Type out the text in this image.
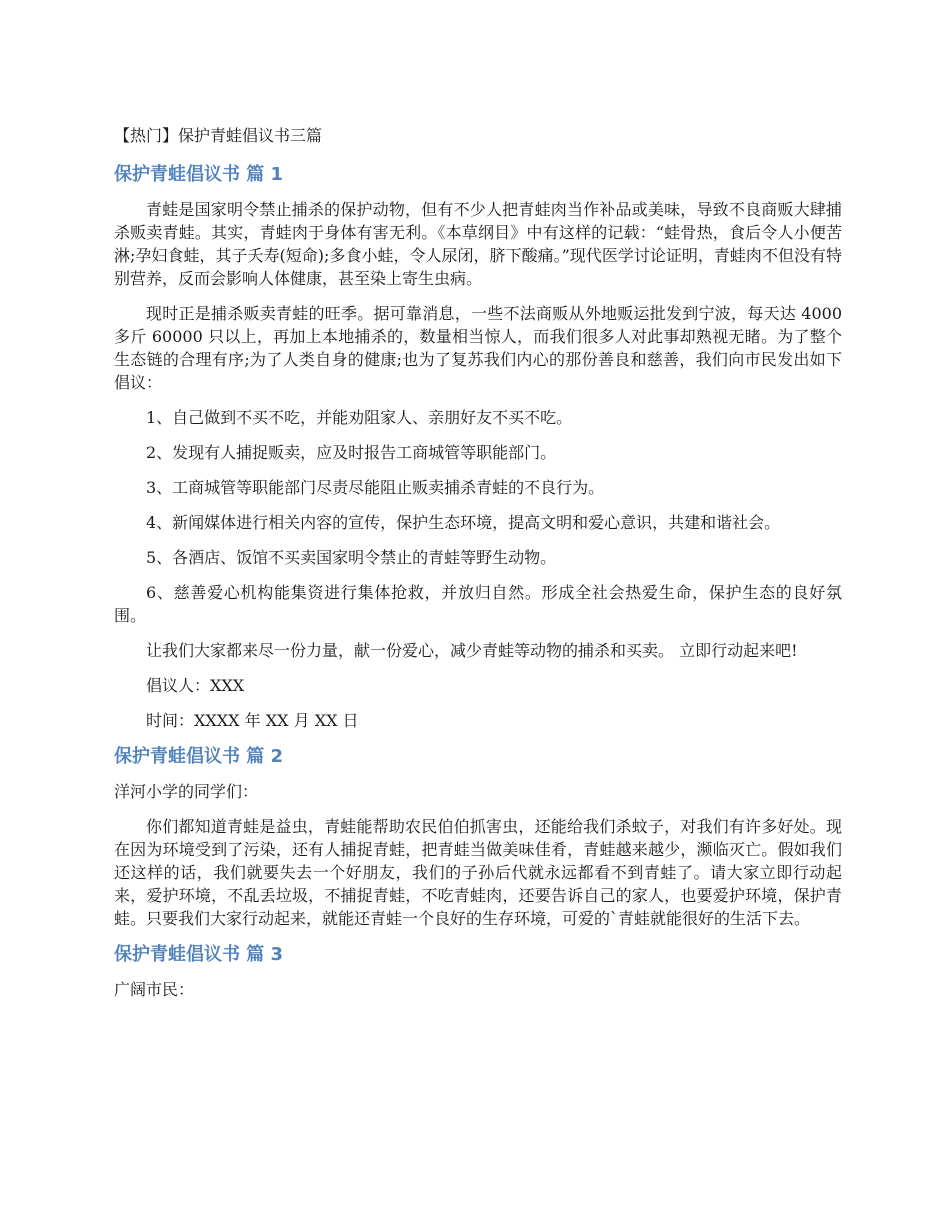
【热门】保护青蛙倡议书三篇

保护青蛙倡议书 篇 1

青蛙是国家明令禁止捕杀的保护动物，但有不少人把青蛙肉当作补品或美味，导致不良商贩大肆捕杀贩卖青蛙。其实，青蛙肉于身体有害无利。《本草纲目》中有这样的记载：“蛙骨热，食后令人小便苦淋;孕妇食蛙，其子夭寿(短命);多食小蛙，令人尿闭，脐下酸痛。”现代医学讨论证明，青蛙肉不但没有特别营养，反而会影响人体健康，甚至染上寄生虫病。

现时正是捕杀贩卖青蛙的旺季。据可靠消息，一些不法商贩从外地贩运批发到宁波，每天达 4000 多斤 60000 只以上，再加上本地捕杀的，数量相当惊人，而我们很多人对此事却熟视无睹。为了整个生态链的合理有序;为了人类自身的健康;也为了复苏我们内心的那份善良和慈善，我们向市民发出如下倡议：

1、自己做到不买不吃，并能劝阻家人、亲朋好友不买不吃。

2、发现有人捕捉贩卖，应及时报告工商城管等职能部门。

3、工商城管等职能部门尽责尽能阻止贩卖捕杀青蛙的不良行为。

4、新闻媒体进行相关内容的宣传，保护生态环境，提高文明和爱心意识，共建和谐社会。

5、各酒店、饭馆不买卖国家明令禁止的青蛙等野生动物。

6、慈善爱心机构能集资进行集体抢救，并放归自然。形成全社会热爱生命，保护生态的良好氛围。

让我们大家都来尽一份力量，献一份爱心，减少青蛙等动物的捕杀和买卖。 立即行动起来吧!

倡议人：XXX

时间：XXXX 年 XX 月 XX 日

保护青蛙倡议书 篇 2

洋河小学的同学们：

你们都知道青蛙是益虫，青蛙能帮助农民伯伯抓害虫，还能给我们杀蚊子，对我们有许多好处。现在因为环境受到了污染，还有人捕捉青蛙，把青蛙当做美味佳肴，青蛙越来越少，濒临灭亡。假如我们还这样的话，我们就要失去一个好朋友，我们的子孙后代就永远都看不到青蛙了。请大家立即行动起来，爱护环境，不乱丢垃圾，不捕捉青蛙，不吃青蛙肉，还要告诉自己的家人，也要爱护环境，保护青蛙。只要我们大家行动起来，就能还青蛙一个良好的生存环境，可爱的`青蛙就能很好的生活下去。

保护青蛙倡议书 篇 3

广阔市民：
